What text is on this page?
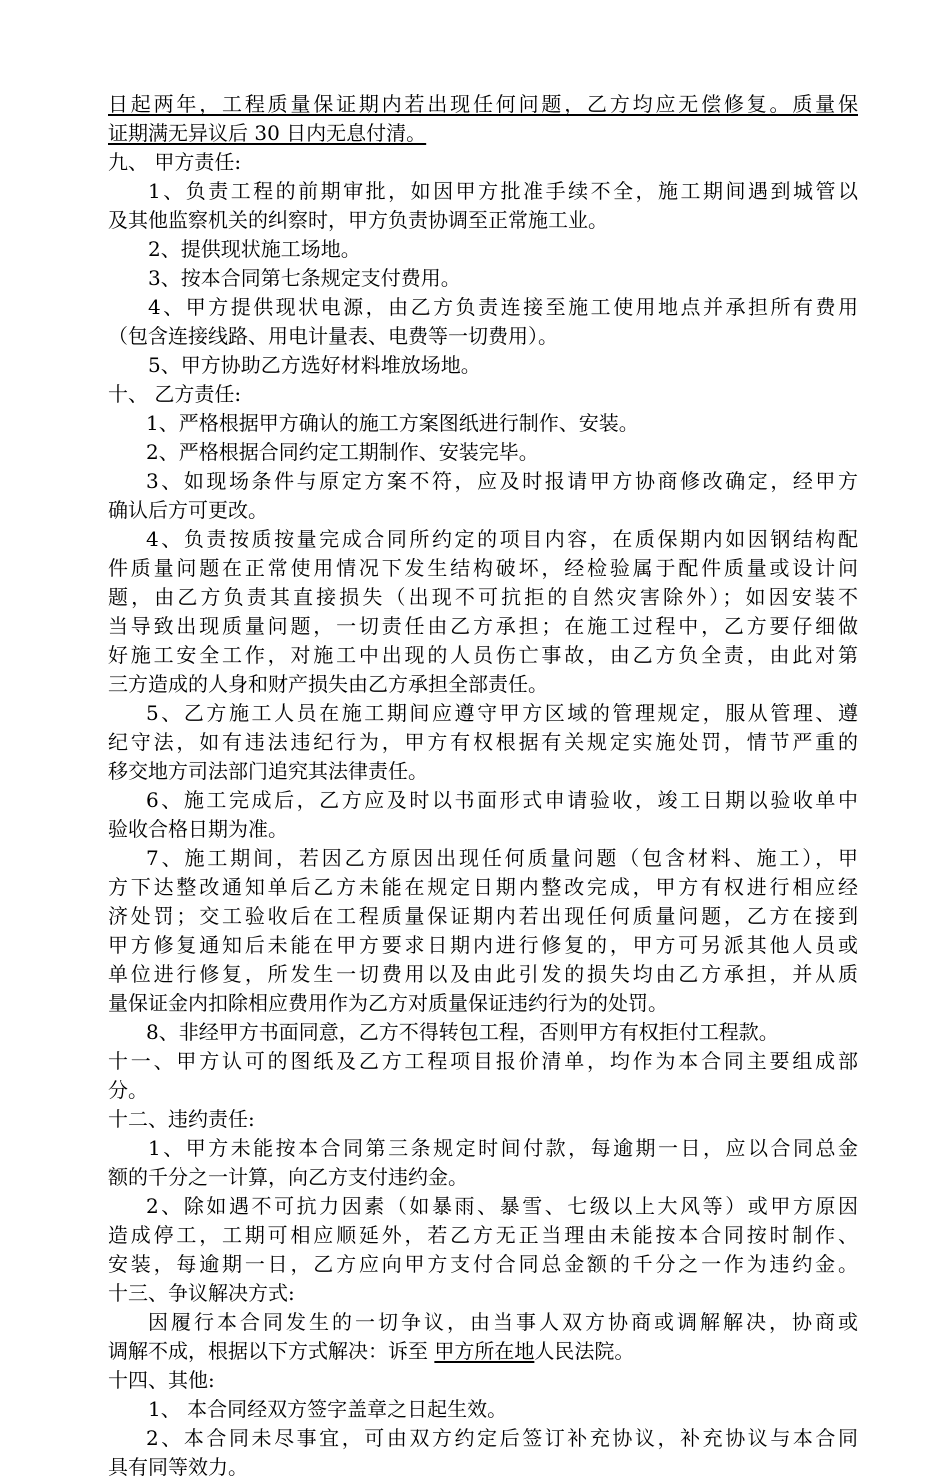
日起两年，工程质量保证期内若出现任何问题，乙方均应无偿修复。质量保
证期满无异议后 30 日内无息付清。
九、 甲方责任:
1、负责工程的前期审批，如因甲方批准手续不全，施工期间遇到城管以
及其他监察机关的纠察时，甲方负责协调至正常施工业。
2、提供现状施工场地。
3、按本合同第七条规定支付费用。
4、甲方提供现状电源，由乙方负责连接至施工使用地点并承担所有费用
（包含连接线路、用电计量表、电费等一切费用）。
5、甲方协助乙方选好材料堆放场地。
十、 乙方责任:
1、严格根据甲方确认的施工方案图纸进行制作、安装。
2、严格根据合同约定工期制作、安装完毕。
3、如现场条件与原定方案不符，应及时报请甲方协商修改确定，经甲方
确认后方可更改。
4、负责按质按量完成合同所约定的项目内容，在质保期内如因钢结构配
件质量问题在正常使用情况下发生结构破坏，经检验属于配件质量或设计问
题，由乙方负责其直接损失（出现不可抗拒的自然灾害除外）；如因安装不
当导致出现质量问题，一切责任由乙方承担；在施工过程中，乙方要仔细做
好施工安全工作，对施工中出现的人员伤亡事故，由乙方负全责，由此对第
三方造成的人身和财产损失由乙方承担全部责任。
5、乙方施工人员在施工期间应遵守甲方区域的管理规定，服从管理、遵
纪守法，如有违法违纪行为，甲方有权根据有关规定实施处罚，情节严重的
移交地方司法部门追究其法律责任。
6、施工完成后，乙方应及时以书面形式申请验收，竣工日期以验收单中
验收合格日期为准。
7、施工期间，若因乙方原因出现任何质量问题（包含材料、施工），甲
方下达整改通知单后乙方未能在规定日期内整改完成，甲方有权进行相应经
济处罚；交工验收后在工程质量保证期内若出现任何质量问题，乙方在接到
甲方修复通知后未能在甲方要求日期内进行修复的，甲方可另派其他人员或
单位进行修复，所发生一切费用以及由此引发的损失均由乙方承担，并从质
量保证金内扣除相应费用作为乙方对质量保证违约行为的处罚。
8、非经甲方书面同意，乙方不得转包工程，否则甲方有权拒付工程款。
十一、甲方认可的图纸及乙方工程项目报价清单，均作为本合同主要组成部
分。
十二、违约责任:
1、甲方未能按本合同第三条规定时间付款，每逾期一日，应以合同总金
额的千分之一计算，向乙方支付违约金。
2、除如遇不可抗力因素（如暴雨、暴雪、七级以上大风等）或甲方原因
造成停工，工期可相应顺延外，若乙方无正当理由未能按本合同按时制作、
安装，每逾期一日，乙方应向甲方支付合同总金额的千分之一作为违约金。
十三、争议解决方式:
因履行本合同发生的一切争议，由当事人双方协商或调解解决，协商或
调解不成，根据以下方式解决：诉至 甲方所在地人民法院。
十四、其他:
1、 本合同经双方签字盖章之日起生效。
2、本合同未尽事宜，可由双方约定后签订补充协议，补充协议与本合同
具有同等效力。
